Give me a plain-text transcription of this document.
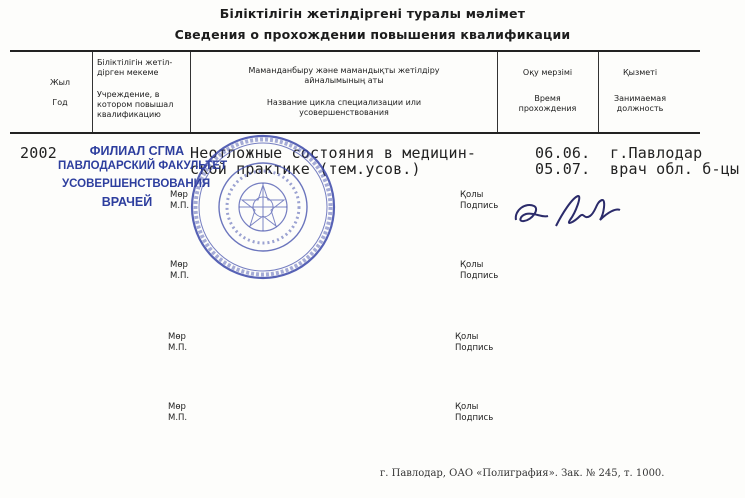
Біліктілігін жетілдіргені туралы мәлімет
Сведения о прохождении повышения квалификации
Жыл
Год
Біліктілігін жетіл-
дірген мекеме
Учреждение, в
котором повышал
квалификацию
Маманданбыру және мамандықты жетілдіру
айналымының аты
Название цикла специализации или
усовершенствования
Оқу мерзімі
Время
прохождения
Қызметі
Занимаемая
должность
2002	Неотложные состояния в медицин-
ской практике (тем.усов.)
06.06.
05.07.
г.Павлодар
врач обл. б-цы
ФИЛИАЛ СГМА
ПАВЛОДАРСКИЙ ФАКУЛЬТЕТ
УСОВЕРШЕНСТВОВАНИЯ
ВРАЧЕЙ	Мөр
М.П.
Қолы
Подпись
Мөр
М.П.
Қолы
Подпись
Мөр
М.П.
Қолы
Подпись
Мөр
М.П.
Қолы
Подпись
г. Павлодар, ОАО «Полиграфия». Зак. № 245, т. 1000.
